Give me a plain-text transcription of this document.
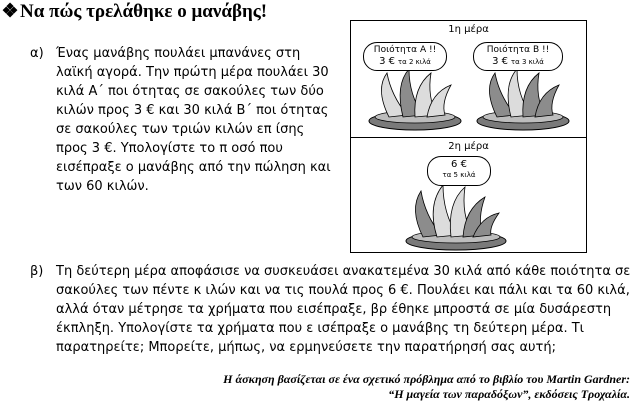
❖Να πώς τρελάθηκε ο μανάβης!
α) Ένας μανάβης πουλάει μπανάνες στη
λαϊκή αγορά. Την πρώτη μέρα πουλάει 30
κιλά Α΄ ποι ότητας σε σακούλες των δύο
κιλών προς 3 € και 30 κιλά Β΄ ποι ότητας
σε σακούλες των τριών κιλών επ ίσης
προς 3 €. Υπολογίστε το π οσό που
εισέπραξε ο μανάβης από την πώληση και
των 60 κιλών.
1η μέρα
2η μέρα
Ποιότητα Α !!
3 € τα 2 κιλά
Ποιότητα Β !!
3 € τα 3 κιλά
6 €
τα 5 κιλά
β) Τη δεύτερη μέρα αποφάσισε να συσκευάσει ανακατεμένα 30 κιλά από κάθε ποιότητα σε
σακούλες των πέντε κ ιλών και να τις πουλά προς 6 €. Πουλάει και πάλι και τα 60 κιλά,
αλλά όταν μέτρησε τα χρήματα που εισέπραξε, βρ έθηκε μπροστά σε μία δυσάρεστη
έκπληξη. Υπολογίστε τα χρήματα που ε ισέπραξε ο μανάβης τη δεύτερη μέρα. Τι
παρατηρείτε; Μπορείτε, μήπως, να ερμηνεύσετε την παρατήρησή σας αυτή;
Η άσκηση βασίζεται σε ένα σχετικό πρόβλημα από το βιβλίο του Martin Gardner:
“Η μαγεία των παραδόξων”, εκδόσεις Τροχαλία.
